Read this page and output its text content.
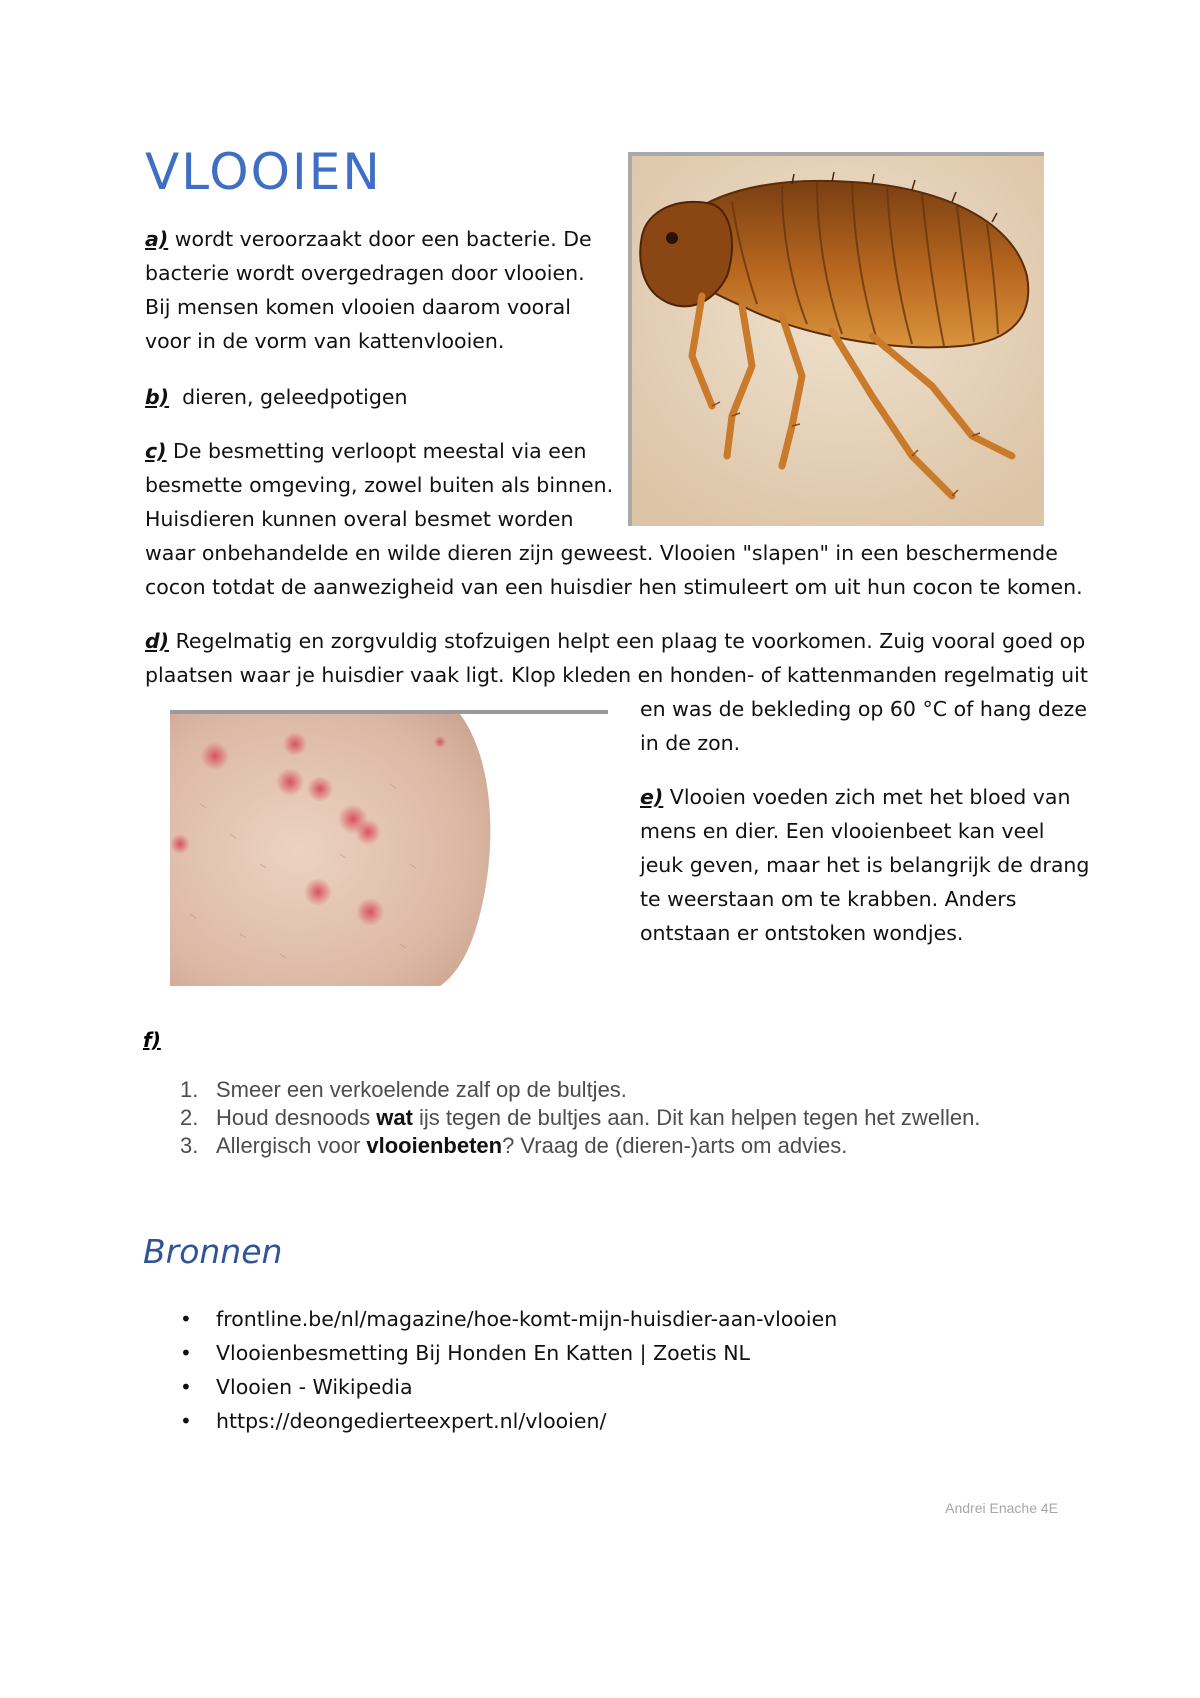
VLOOIEN

a) wordt veroorzaakt door een bacterie. De
bacterie wordt overgedragen door vlooien.
Bij mensen komen vlooien daarom vooral
voor in de vorm van kattenvlooien.

b)  dieren, geleedpotigen

c) De besmetting verloopt meestal via een
besmette omgeving, zowel buiten als binnen.
Huisdieren kunnen overal besmet worden
waar onbehandelde en wilde dieren zijn geweest. Vlooien "slapen" in een beschermende
cocon totdat de aanwezigheid van een huisdier hen stimuleert om uit hun cocon te komen.

d) Regelmatig en zorgvuldig stofzuigen helpt een plaag te voorkomen. Zuig vooral goed op
plaatsen waar je huisdier vaak ligt. Klop kleden en honden- of kattenmanden regelmatig uit

en was de bekleding op 60 °C of hang deze
in de zon.

e) Vlooien voeden zich met het bloed van
mens en dier. Een vlooienbeet kan veel
jeuk geven, maar het is belangrijk de drang
te weerstaan om te krabben. Anders
ontstaan er ontstoken wondjes.

f)
1. Smeer een verkoelende zalf op de bultjes.
2. Houd desnoods wat ijs tegen de bultjes aan. Dit kan helpen tegen het zwellen.
3. Allergisch voor vlooienbeten? Vraag de (dieren-)arts om advies.
Bronnen
• frontline.be/nl/magazine/hoe-komt-mijn-huisdier-aan-vlooien
• Vlooienbesmetting Bij Honden En Katten | Zoetis NL
• Vlooien - Wikipedia
• https://deongedierteexpert.nl/vlooien/
Andrei Enache 4E
